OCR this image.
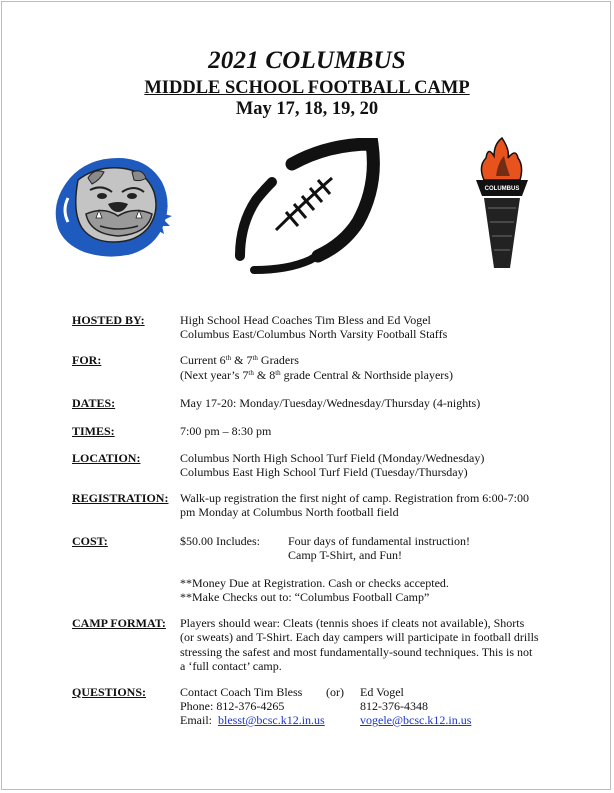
2021 COLUMBUS
MIDDLE SCHOOL FOOTBALL CAMP
May 17, 18, 19, 20
COLUMBUS
HOSTED BY:	High School Head Coaches Tim Bless and Ed Vogel
Columbus East/Columbus North Varsity Football Staffs
FOR:	Current 6th & 7th Graders
(Next year’s 7th & 8th grade Central & Northside players)
DATES:	May 17-20: Monday/Tuesday/Wednesday/Thursday (4-nights)
TIMES:	7:00 pm – 8:30 pm
LOCATION:	Columbus North High School Turf Field (Monday/Wednesday)
Columbus East High School Turf Field (Tuesday/Thursday)
REGISTRATION: Walk-up registration the first night of camp. Registration from 6:00-7:00 pm Monday at Columbus North football field
COST:	$50.00 Includes: Four days of fundamental instruction!
Camp T-Shirt, and Fun!
**Money Due at Registration. Cash or checks accepted.
**Make Checks out to: “Columbus Football Camp”
CAMP FORMAT: Players should wear: Cleats (tennis shoes if cleats not available), Shorts (or sweats) and T-Shirt. Each day campers will participate in football drills stressing the safest and most fundamentally-sound techniques. This is not a ‘full contact’ camp.
QUESTIONS:	Contact Coach Tim Bless (or) Ed Vogel
Phone: 812-376-4265	812-376-4348
Email: blesst@bcsc.k12.in.us	vogele@bcsc.k12.in.us
